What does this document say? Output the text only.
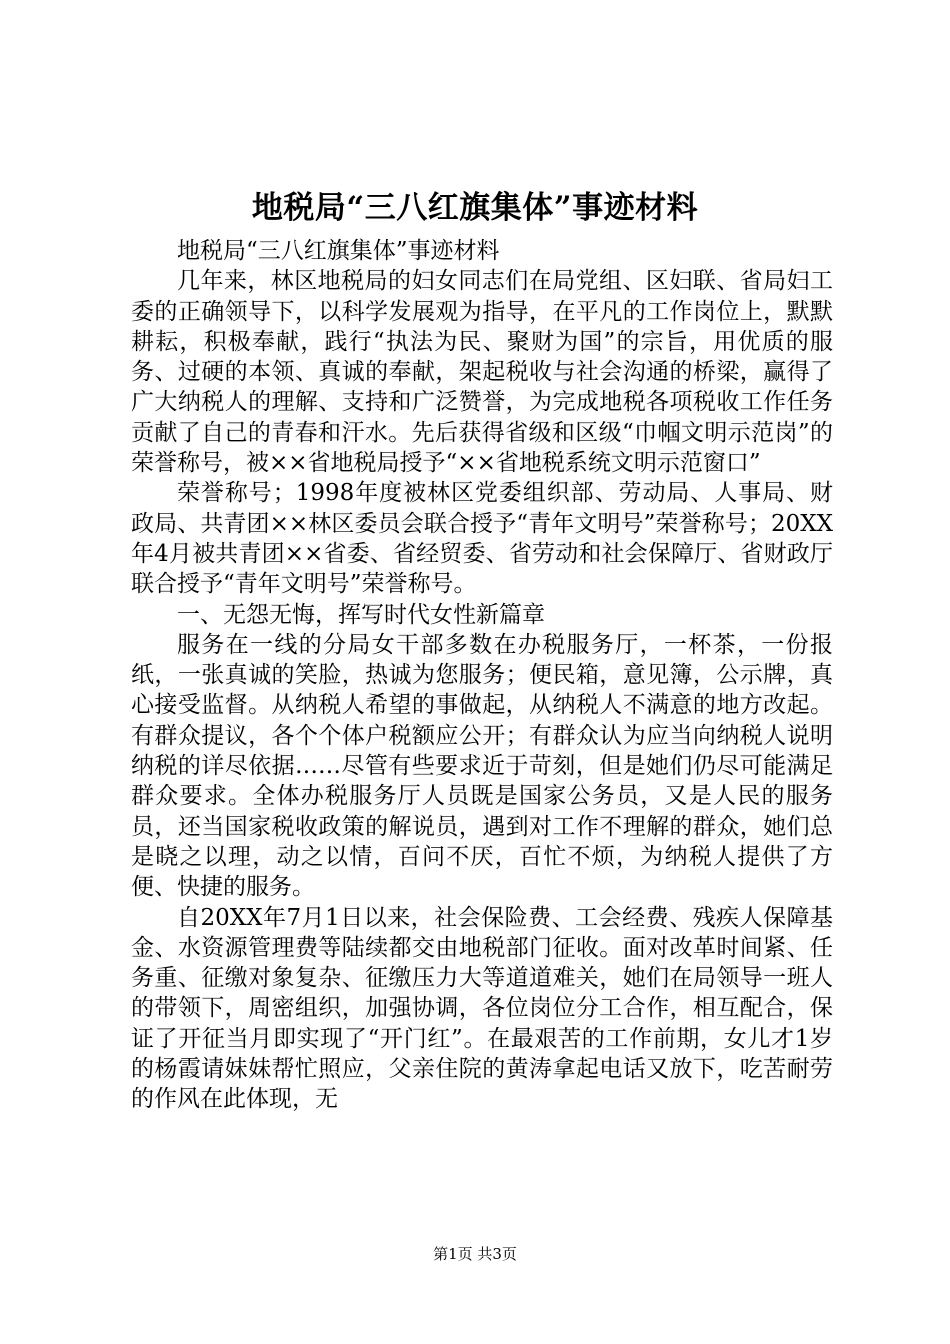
地税局“三八红旗集体”事迹材料

地税局“三八红旗集体”事迹材料

几年来，林区地税局的妇女同志们在局党组、区妇联、省局妇工委的正确领导下，以科学发展观为指导，在平凡的工作岗位上，默默耕耘，积极奉献，践行“执法为民、聚财为国”的宗旨，用优质的服务、过硬的本领、真诚的奉献，架起税收与社会沟通的桥梁，赢得了广大纳税人的理解、支持和广泛赞誉，为完成地税各项税收工作任务贡献了自己的青春和汗水。先后获得省级和区级“巾帼文明示范岗”的荣誉称号，被××省地税局授予“××省地税系统文明示范窗口”

荣誉称号；1998年度被林区党委组织部、劳动局、人事局、财政局、共青团××林区委员会联合授予“青年文明号”荣誉称号；20XX年4月被共青团××省委、省经贸委、省劳动和社会保障厅、省财政厅联合授予“青年文明号”荣誉称号。

一、无怨无悔，挥写时代女性新篇章

服务在一线的分局女干部多数在办税服务厅，一杯茶，一份报纸，一张真诚的笑脸，热诚为您服务；便民箱，意见簿，公示牌，真心接受监督。从纳税人希望的事做起，从纳税人不满意的地方改起。有群众提议，各个个体户税额应公开；有群众认为应当向纳税人说明纳税的详尽依据……尽管有些要求近于苛刻，但是她们仍尽可能满足群众要求。全体办税服务厅人员既是国家公务员，又是人民的服务员，还当国家税收政策的解说员，遇到对工作不理解的群众，她们总是晓之以理，动之以情，百问不厌，百忙不烦，为纳税人提供了方便、快捷的服务。

自20XX年7月1日以来，社会保险费、工会经费、残疾人保障基金、水资源管理费等陆续都交由地税部门征收。面对改革时间紧、任务重、征缴对象复杂、征缴压力大等道道难关，她们在局领导一班人的带领下，周密组织，加强协调，各位岗位分工合作，相互配合，保证了开征当月即实现了“开门红”。在最艰苦的工作前期，女儿才1岁的杨霞请妹妹帮忙照应，父亲住院的黄涛拿起电话又放下，吃苦耐劳的作风在此体现，无

第1页 共3页
